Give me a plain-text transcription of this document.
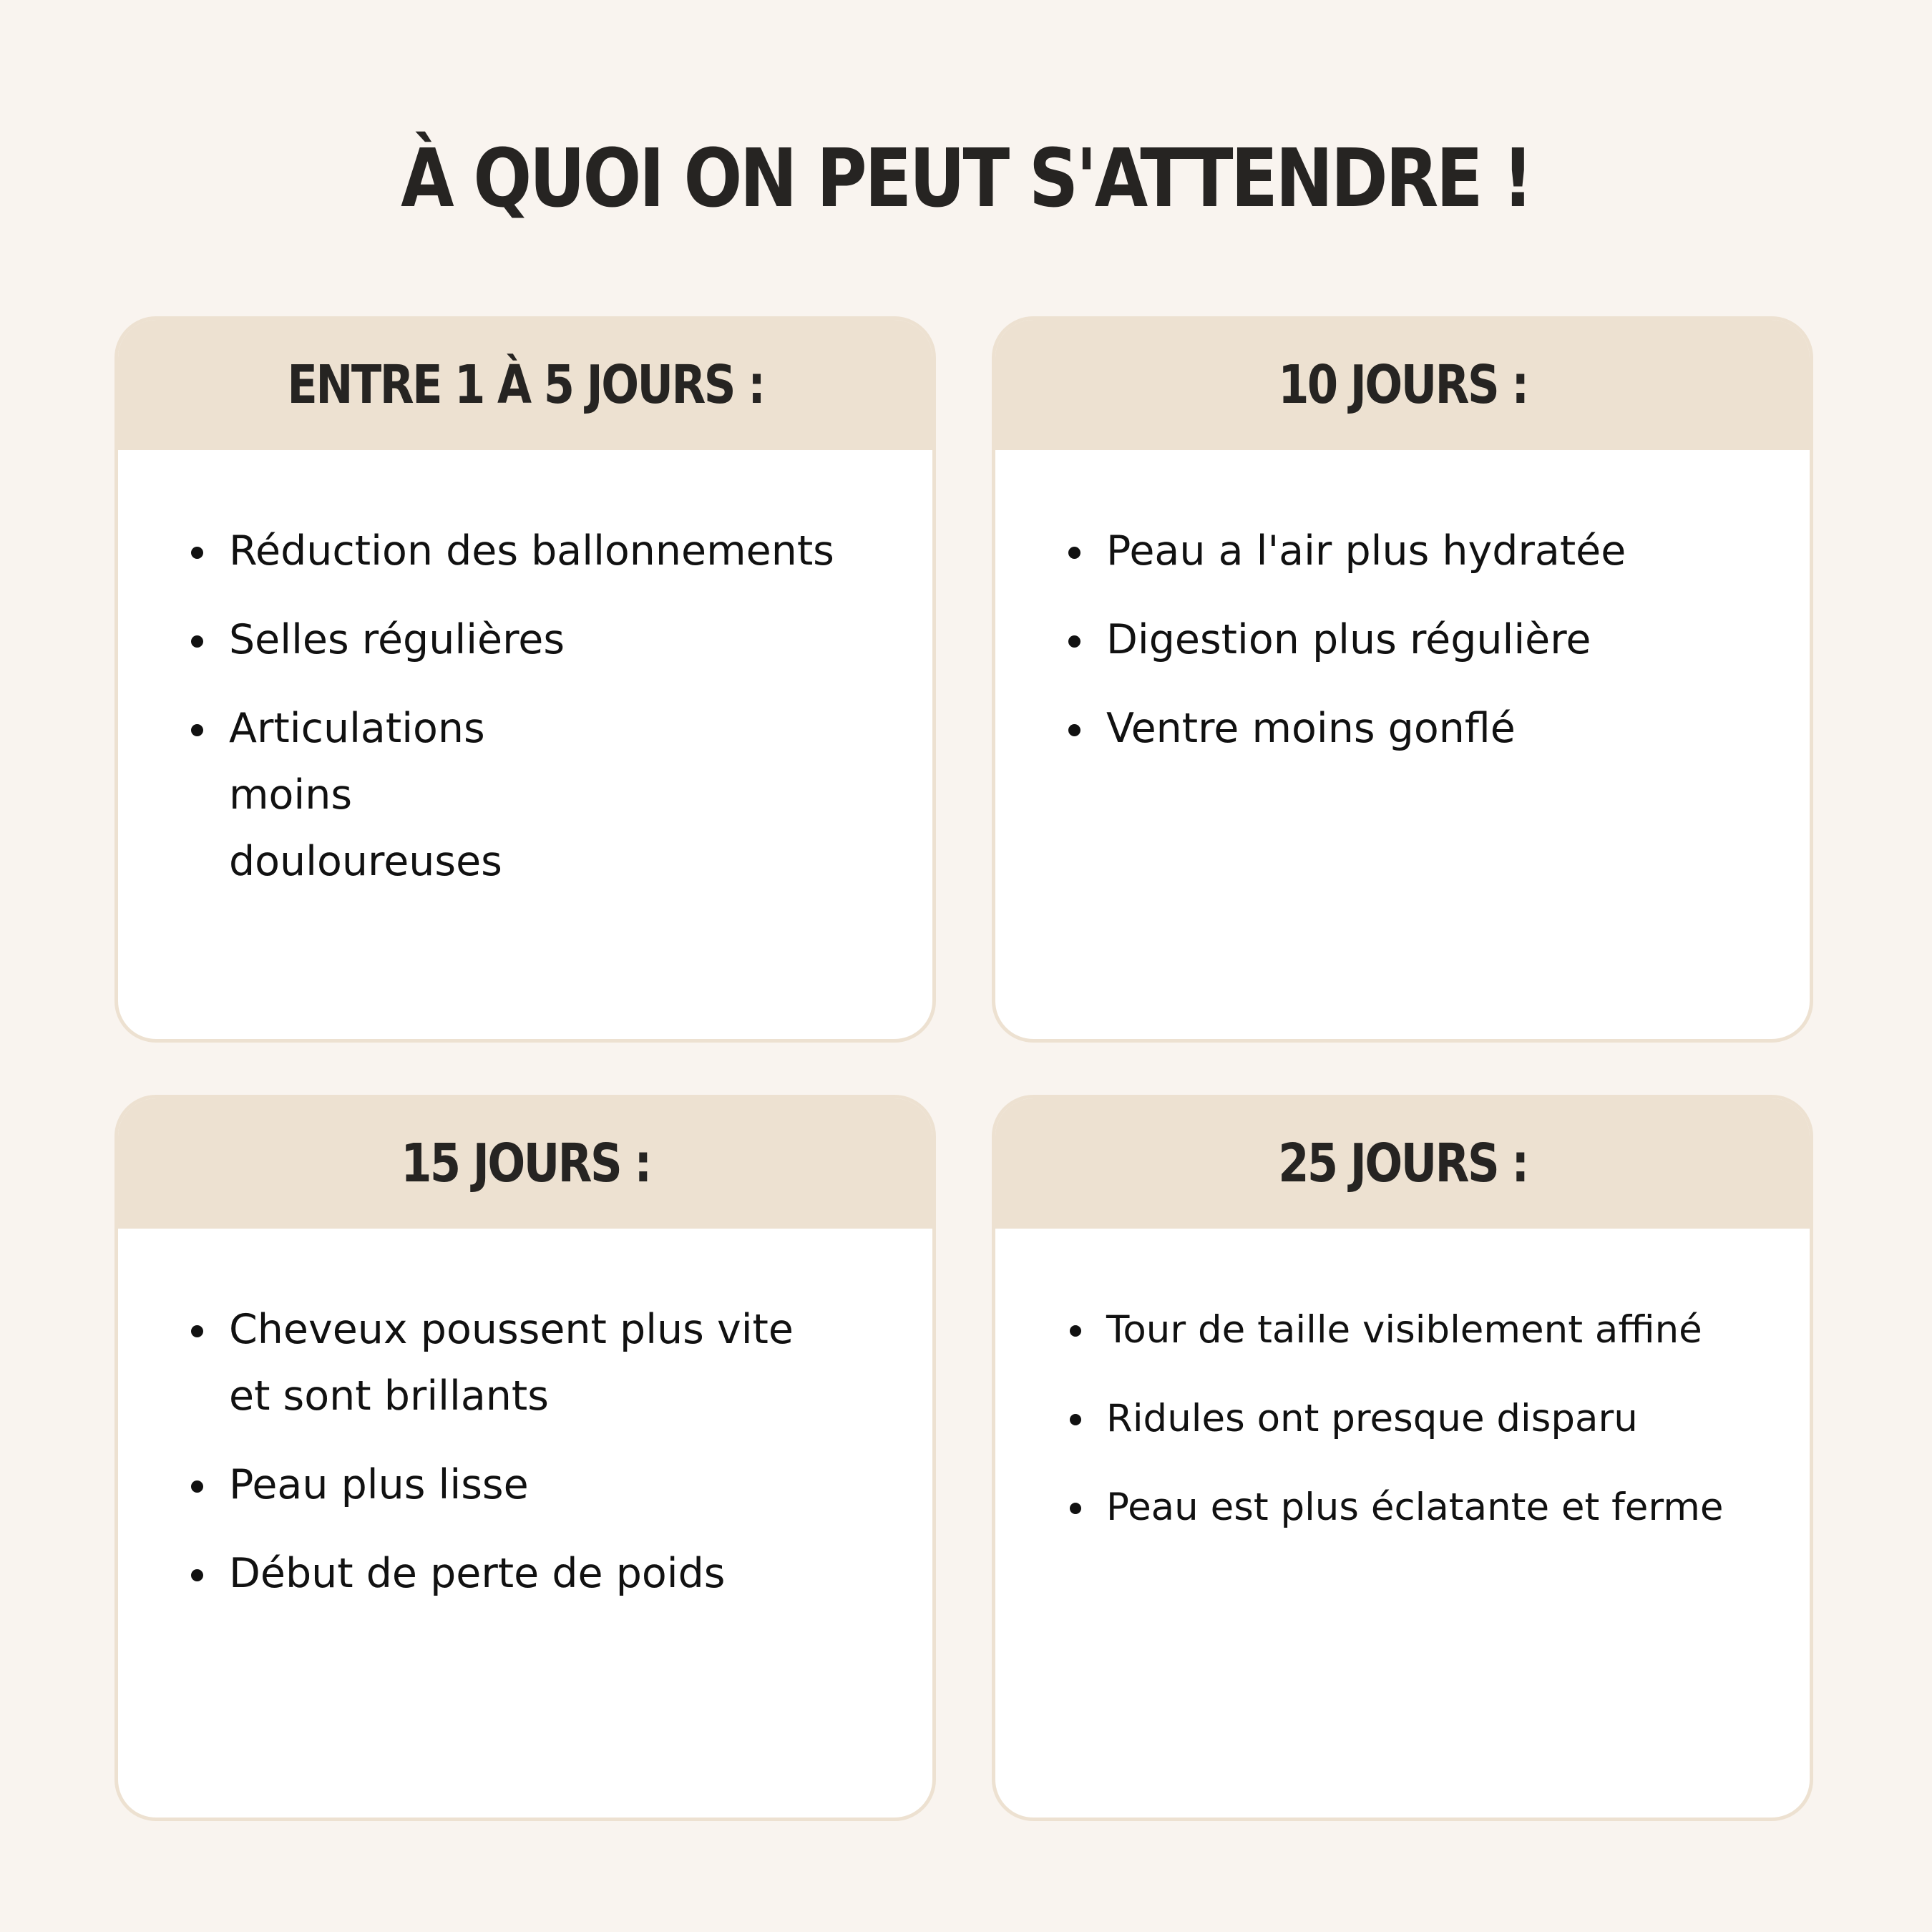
À QUOI ON PEUT S'ATTENDRE !
ENTRE 1 À 5 JOURS :
• Réduction des ballonnements
• Selles régulières
• Articulations moins douloureuses
10 JOURS :
• Peau a l'air plus hydratée
• Digestion plus régulière
• Ventre moins gonflé
15 JOURS :
• Cheveux poussent plus vite et sont brillants
• Peau plus lisse
• Début de perte de poids
25 JOURS :
• Tour de taille visiblement affiné
• Ridules ont presque disparu
• Peau est plus éclatante et ferme
